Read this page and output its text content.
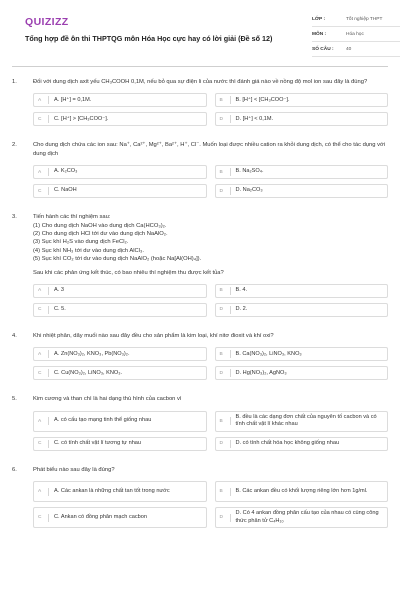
QUIZIZZ
Tổng hợp đề ôn thi THPTQG môn Hóa Học cực hay có lời giải (Đề số 12)
LỚP :	Tốt nghiệp THPT
MÔN :	Hóa học
SỐ CÂU :	40
1.	Đối với dung dịch axit yếu CH₃COOH 0,1M, nếu bỏ qua sự điện li của nước thì đánh giá nào về nồng độ mol ion sau đây là đúng?
A	A. [H⁺] = 0,1M.	B	B. [H⁺] < [CH₃COO⁻].
C	C. [H⁺] > [CH₃COO⁻].	D	D. [H⁺] < 0,1M.
2.	Cho dung dịch chứa các ion sau: Na⁺, Ca²⁺, Mg²⁺, Ba²⁺, H⁺, Cl⁻. Muốn loại được nhiều cation ra khỏi dung dịch, có thể cho tác dụng với dung dịch
A	A. K₂CO₃	B	B. Na₂SO₄.
C	C. NaOH	D	D. Na₂CO₃
3.	Tiến hành các thí nghiệm sau:
(1) Cho dung dịch NaOH vào dung dịch Ca(HCO₃)₂.
(2) Cho dung dịch HCl tới dư vào dung dịch NaAlO₂.
(3) Sục khí H₂S vào dung dịch FeCl₂.
(4) Sục khí NH₃ tới dư vào dung dịch AlCl₃.
(5) Sục khí CO₂ tới dư vào dung dịch NaAlO₂ (hoặc Na[Al(OH)₄]).
Sau khi các phản ứng kết thúc, có bao nhiêu thí nghiệm thu được kết tủa?
A	A. 3	B	B. 4.
C	C. 5.	D	D. 2.
4.	Khi nhiệt phân, dãy muối nào sau đây đều cho sản phẩm là kim loại, khí nitơ đioxit và khí oxi?
A	A. Zn(NO₃)₂, KNO₃, Pb(NO₃)₂.	B	B. Ca(NO₃)₂, LiNO₃, KNO₃
C	C. Cu(NO₃)₂, LiNO₃, KNO₃.	D	D. Hg(NO₃)₂, AgNO₃
5.	Kim cương và than chì là hai dạng thù hình của cacbon vì
A	A. có cấu tạo mạng tinh thể giống nhau	B
B. đều là các dạng đơn chất của nguyên tố cacbon và có tính chất vật lí khác nhau
C	C. có tính chất vật lí tương tự nhau	D	D. có tính chất hóa học không giống nhau
6.	Phát biểu nào sau đây là đúng?
A	A. Các ankan là những chất tan tốt trong nước	B	B. Các ankan đều có khối lượng riêng lớn hơn 1g/ml.
C	C. Ankan có đồng phân mạch cacbon	D
D. Có 4 ankan đồng phân cấu tạo của nhau có cùng công thức phân tử C₄H₁₀
